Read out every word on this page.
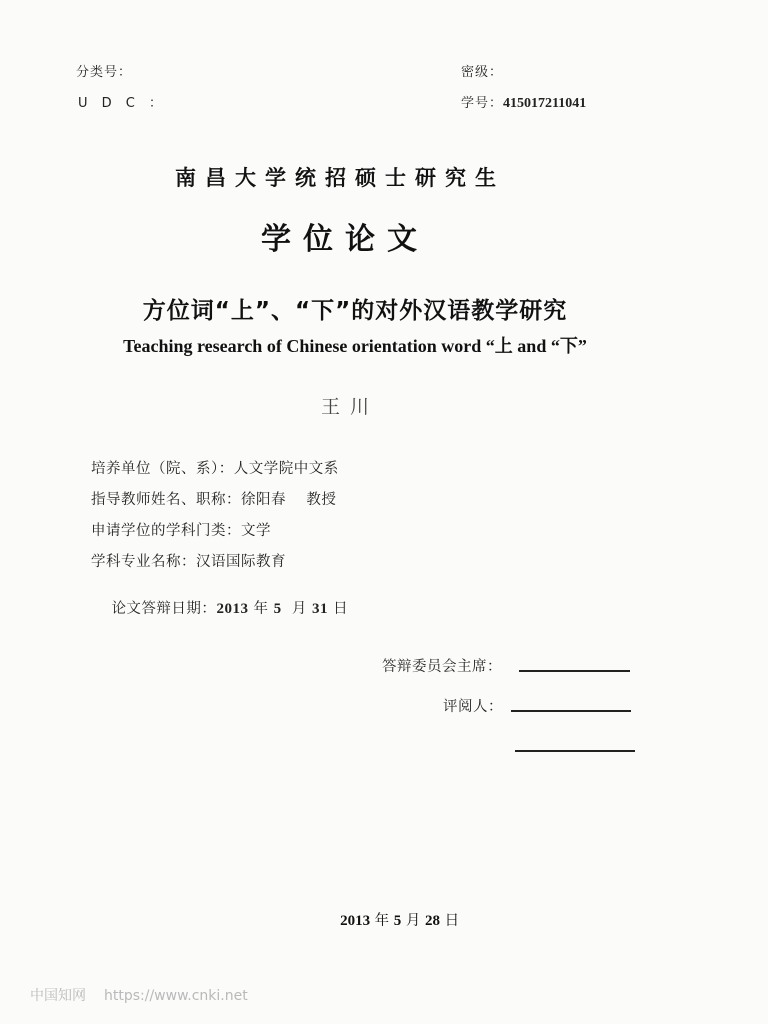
分类号：
U D C ：
密级：
学号：415017211041
南昌大学统招硕士研究生
学位论文
方位词“上”、“下”的对外汉语教学研究
Teaching research of Chinese orientation word “上 and “下”
王川
培养单位（院、系）：人文学院中文系
指导教师姓名、职称：徐阳春    教授
申请学位的学科门类：文学
学科专业名称：汉语国际教育

论文答辩日期：2013 年 5  月 31 日

答辩委员会主席：
评阅人：

2013 年 5 月 28 日

中国知网 https://www.cnki.net
